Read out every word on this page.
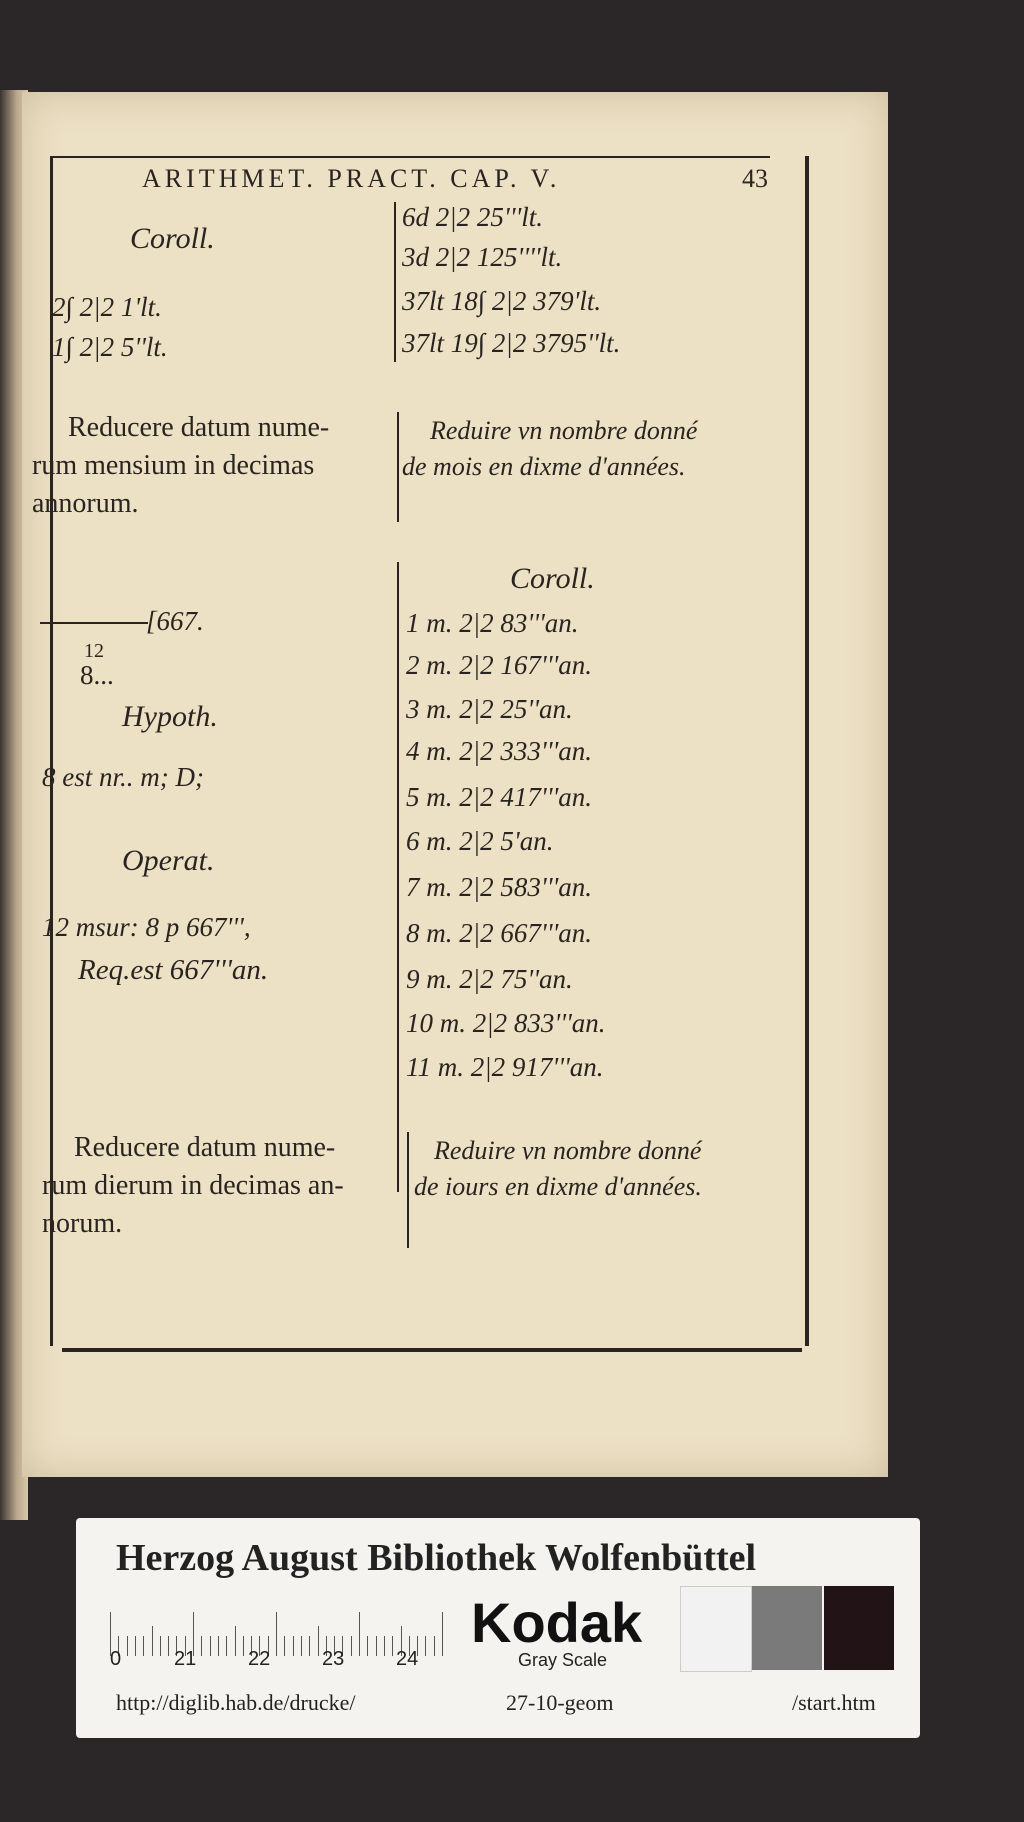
ARITHMET. PRACT. CAP. V.	43
Coroll.
2∫ 2|2 1'lt.
1∫ 2|2 5''lt.
6d 2|2 25'''lt.
3d 2|2 125''''lt.
37lt 18∫ 2|2 379'lt.
37lt 19∫ 2|2 3795''lt.
Reducere datum nume-
rum mensium in decimas
annorum.
Reduire vn nombre donné
de mois en dixme d'années.
8...
12
[667.
Hypoth.
8 est nr.. m; D;
Operat.
12 msur: 8 p 667''',
Req.est 667'''an.
Coroll.
1 m. 2|2 83'''an.
2 m. 2|2 167'''an.
3 m. 2|2 25''an.
4 m. 2|2 333'''an.
5 m. 2|2 417'''an.
6 m. 2|2 5'an.
7 m. 2|2 583'''an.
8 m. 2|2 667'''an.
9 m. 2|2 75''an.
10 m. 2|2 833'''an.
11 m. 2|2 917'''an.
Reducere datum nume-
rum dierum in decimas an-
norum.
Reduire vn nombre donné
de iours en dixme d'années.
Herzog August Bibliothek Wolfenbüttel
0	21	22	23	24
Kodak
Gray Scale
http://diglib.hab.de/drucke/	27-10-geom	/start.htm
